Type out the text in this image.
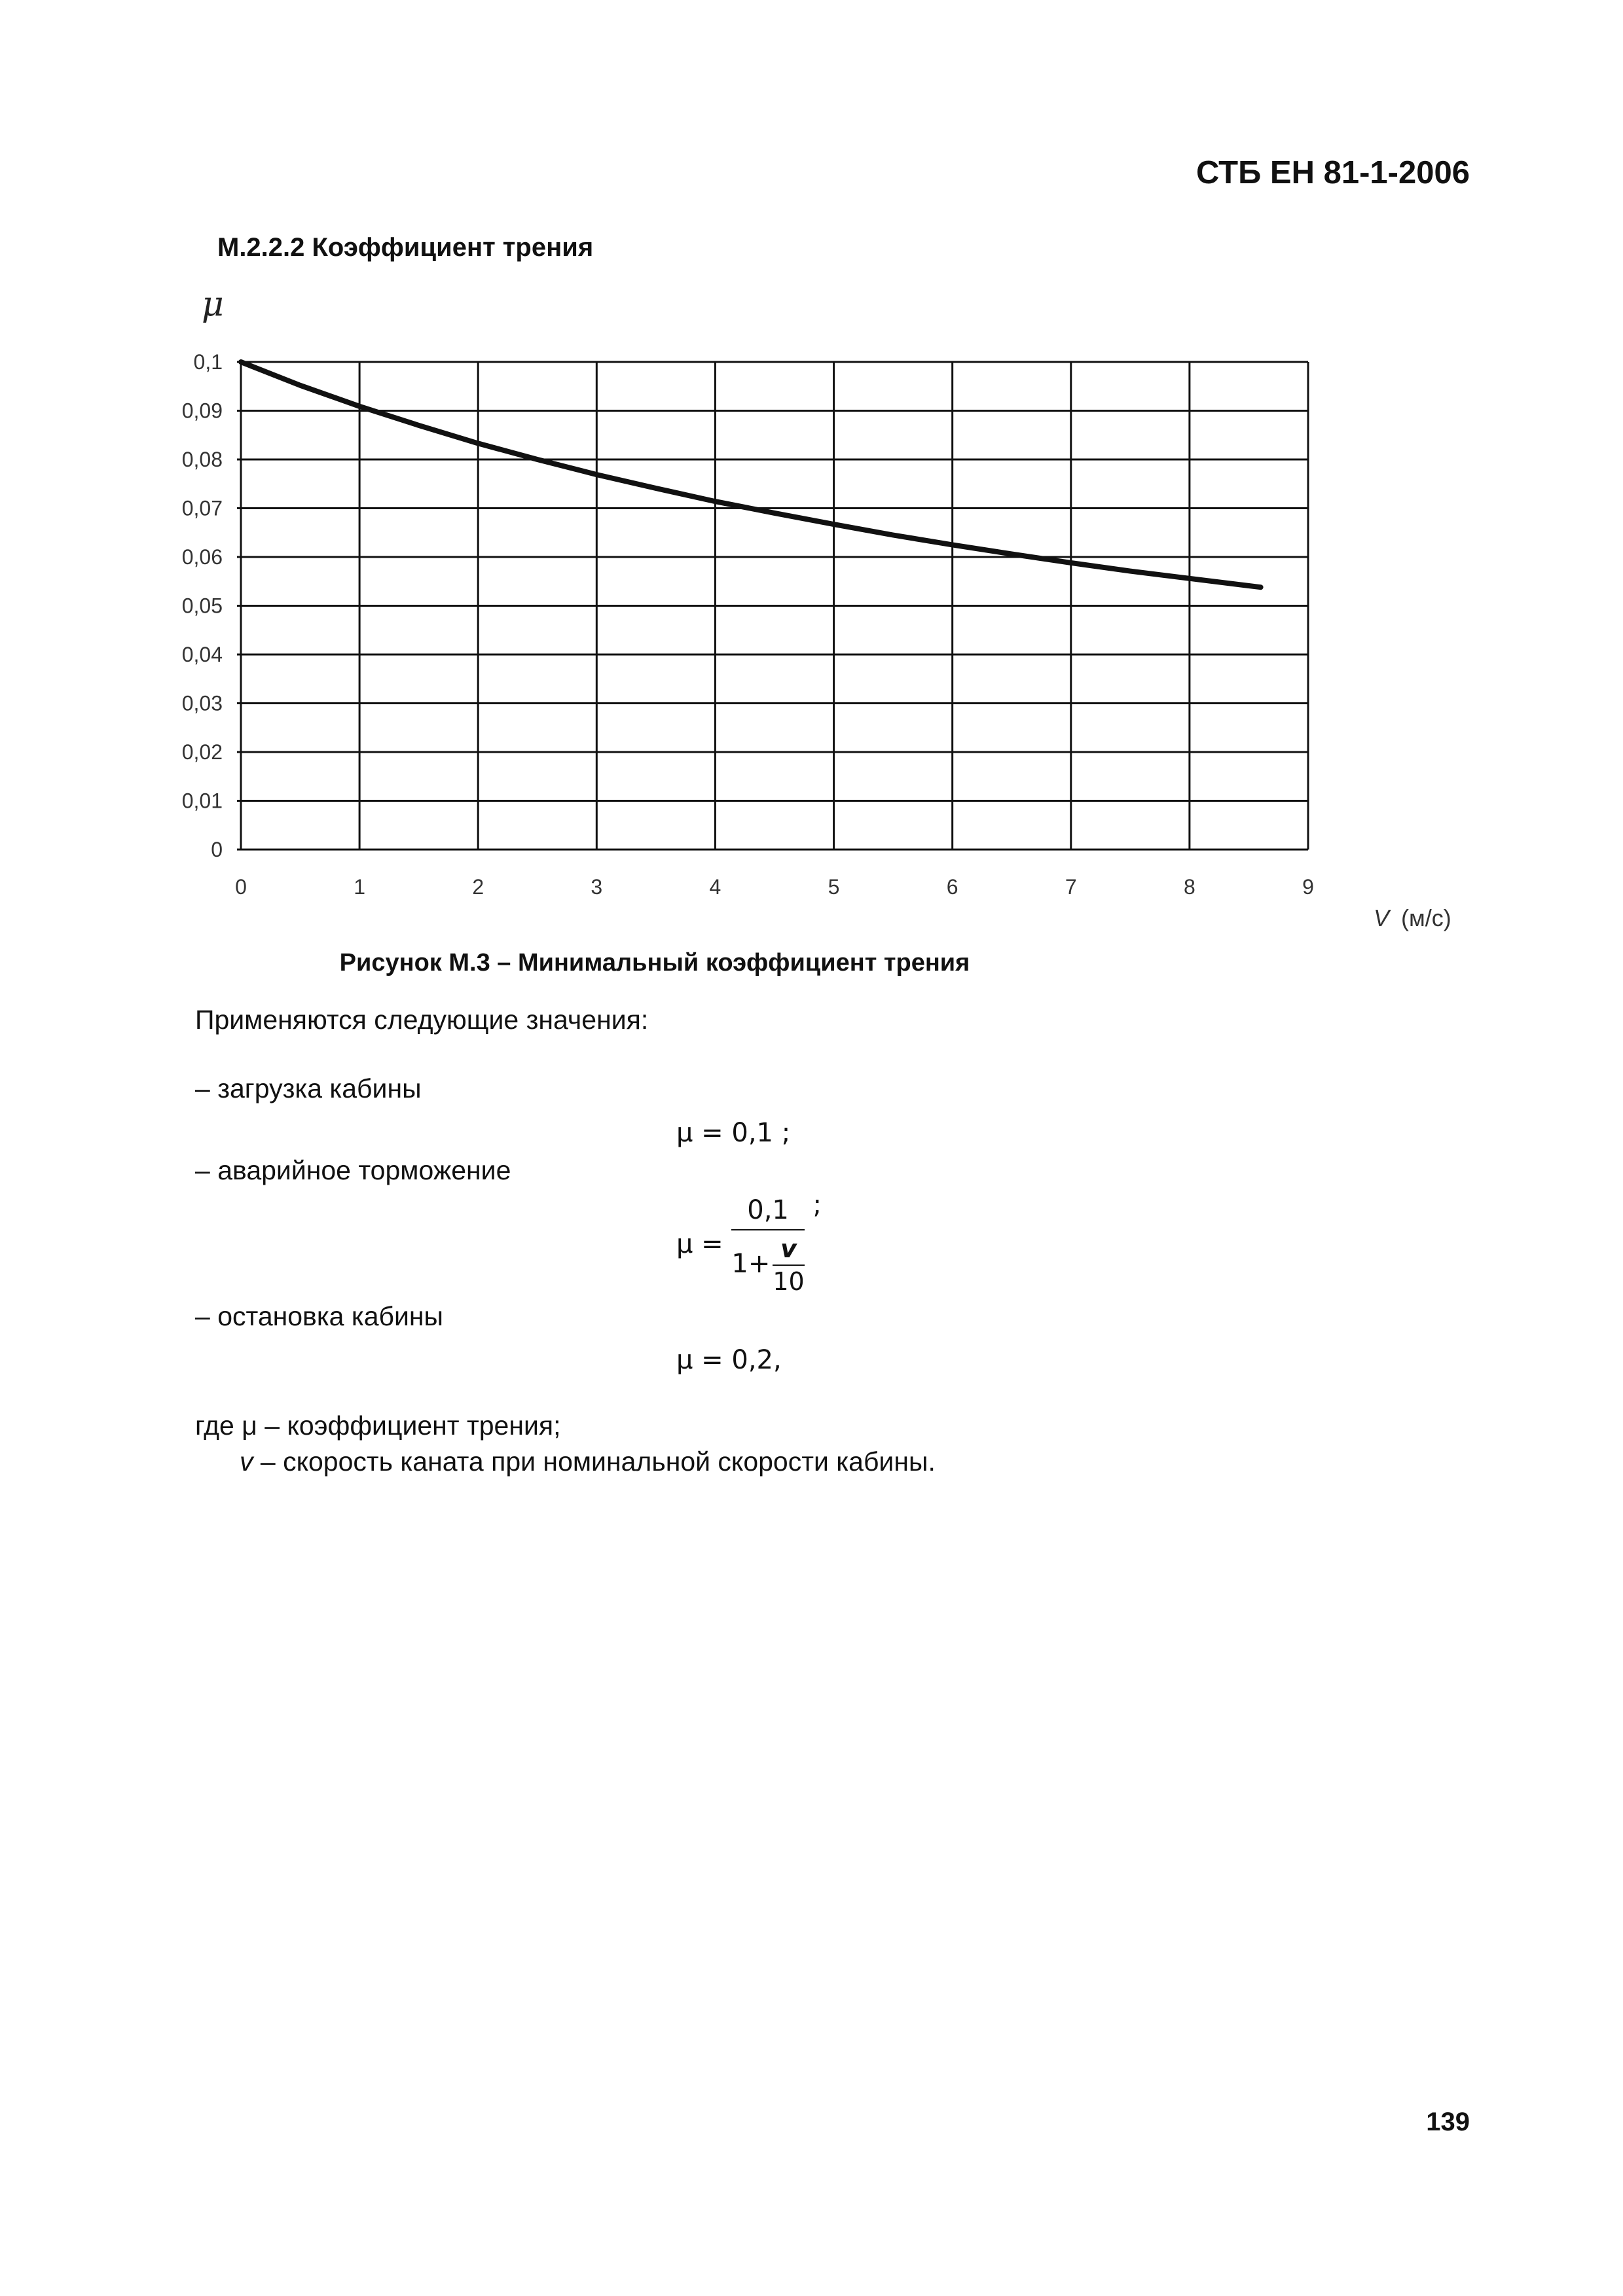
СТБ ЕН 81-1-2006
М.2.2.2 Коэффициент трения
μ
0	1	2	3	4	5	6	7	8	9
0
0,01
0,02
0,03
0,04
0,05
0,06
0,07
0,08
0,09
0,1
V (м/с)
Рисунок М.3 – Минимальный коэффициент трения
Применяются следующие значения:
– загрузка кабины
μ = 0,1 ;
– аварийное торможение
$\mu = \frac{0,1}{1+ \frac{v}{10}}$ ;
– остановка кабины
μ = 0,2,
где μ – коэффициент трения;
v – скорость каната при номинальной скорости кабины.
139
